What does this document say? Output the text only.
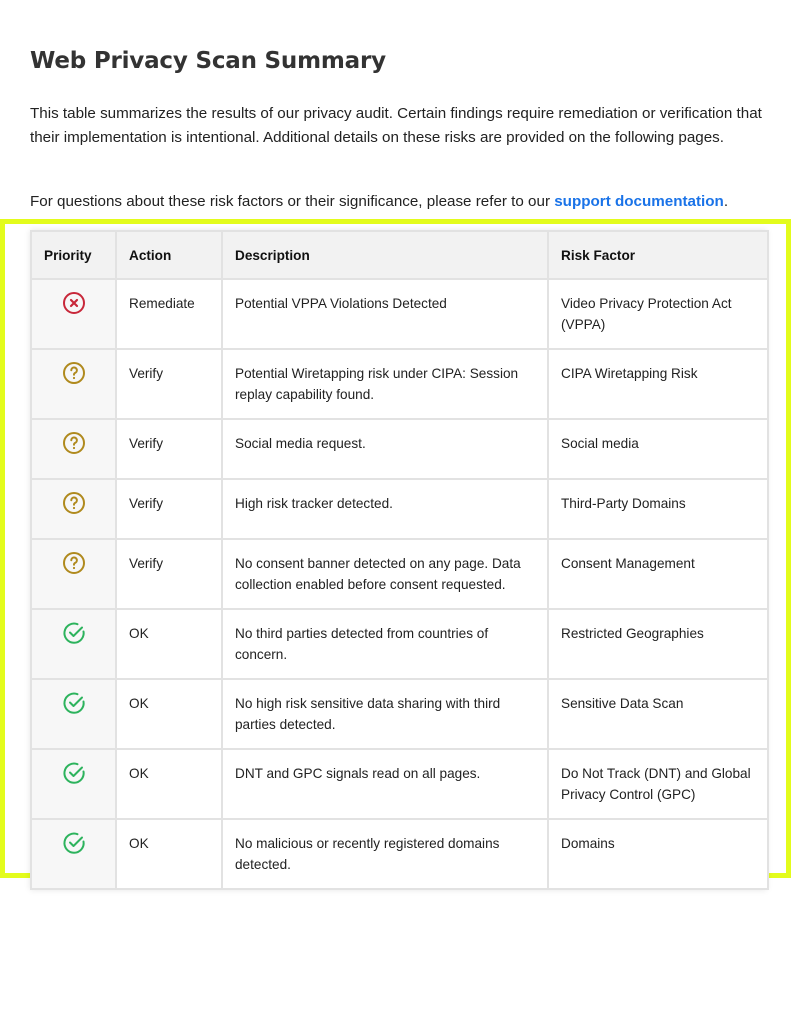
Web Privacy Scan Summary

This table summarizes the results of our privacy audit. Certain findings require remediation or verification that their implementation is intentional. Additional details on these risks are provided on the following pages.

For questions about these risk factors or their significance, please refer to our support documentation.

Priority	Action	Description	Risk Factor

	Remediate	Potential VPPA Violations Detected	Video Privacy Protection Act (VPPA)

	Verify	Potential Wiretapping risk under CIPA: Session replay capability found.	CIPA Wiretapping Risk

	Verify	Social media request.	Social media

	Verify	High risk tracker detected.	Third-Party Domains

	Verify	No consent banner detected on any page. Data collection enabled before consent requested.	Consent Management

	OK	No third parties detected from countries of concern.	Restricted Geographies

	OK	No high risk sensitive data sharing with third parties detected.	Sensitive Data Scan

	OK	DNT and GPC signals read on all pages.	Do Not Track (DNT) and Global Privacy Control (GPC)

	OK	No malicious or recently registered domains detected.	Domains
